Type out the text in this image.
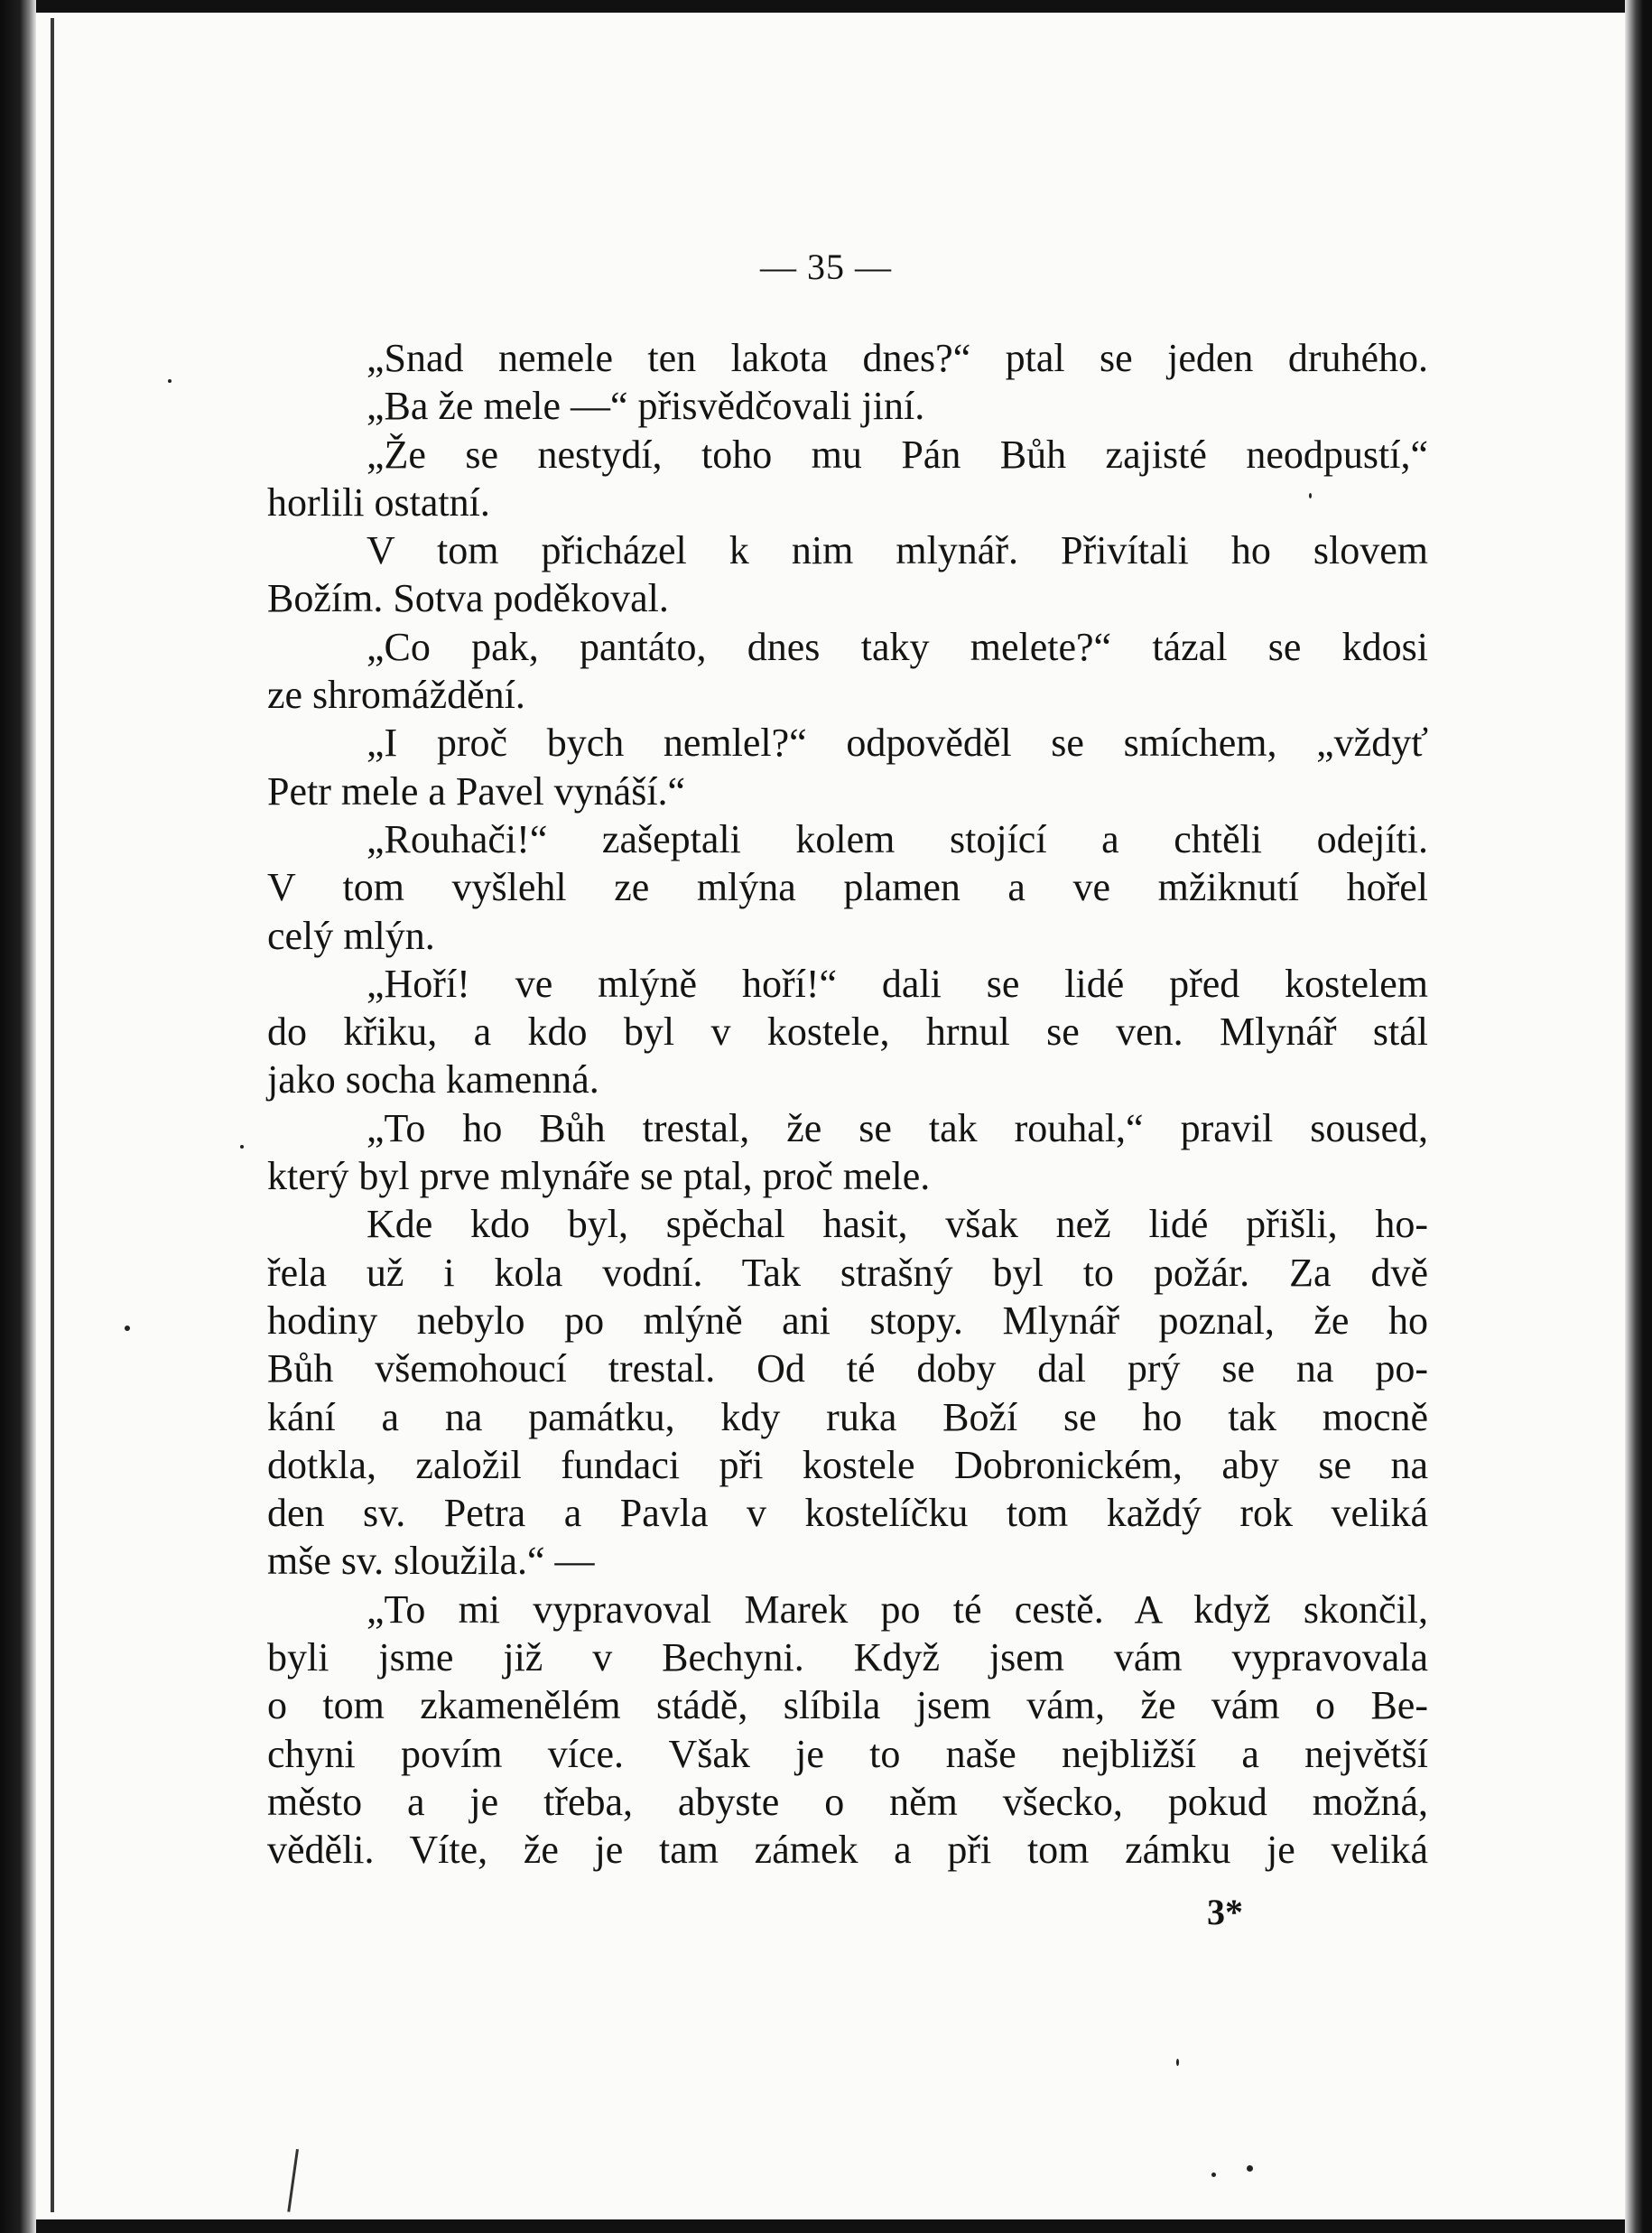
— 35 —
„Snad nemele ten lakota dnes?“ ptal se jeden druhého.
„Ba že mele —“ přisvědčovali jiní.
„Že se nestydí, toho mu Pán Bůh zajisté neodpustí,“
horlili ostatní.
V tom přicházel k nim mlynář. Přivítali ho slovem
Božím. Sotva poděkoval.
„Co pak, pantáto, dnes taky melete?“ tázal se kdosi
ze shromáždění.
„I proč bych nemlel?“ odpověděl se smíchem, „vždyť
Petr mele a Pavel vynáší.“
„Rouhači!“ zašeptali kolem stojící a chtěli odejíti.
V tom vyšlehl ze mlýna plamen a ve mžiknutí hořel
celý mlýn.
„Hoří! ve mlýně hoří!“ dali se lidé před kostelem
do křiku, a kdo byl v kostele, hrnul se ven. Mlynář stál
jako socha kamenná.
„To ho Bůh trestal, že se tak rouhal,“ pravil soused,
který byl prve mlynáře se ptal, proč mele.
Kde kdo byl, spěchal hasit, však než lidé přišli, ho-
řela už i kola vodní. Tak strašný byl to požár. Za dvě
hodiny nebylo po mlýně ani stopy. Mlynář poznal, že ho
Bůh všemohoucí trestal. Od té doby dal prý se na po-
kání a na památku, kdy ruka Boží se ho tak mocně
dotkla, založil fundaci při kostele Dobronickém, aby se na
den sv. Petra a Pavla v kostelíčku tom každý rok veliká
mše sv. sloužila.“ —
„To mi vypravoval Marek po té cestě. A když skončil,
byli jsme již v Bechyni. Když jsem vám vypravovala
o tom zkamenělém stádě, slíbila jsem vám, že vám o Be-
chyni povím více. Však je to naše nejbližší a největší
město a je třeba, abyste o něm všecko, pokud možná,
věděli. Víte, že je tam zámek a při tom zámku je veliká
3*
